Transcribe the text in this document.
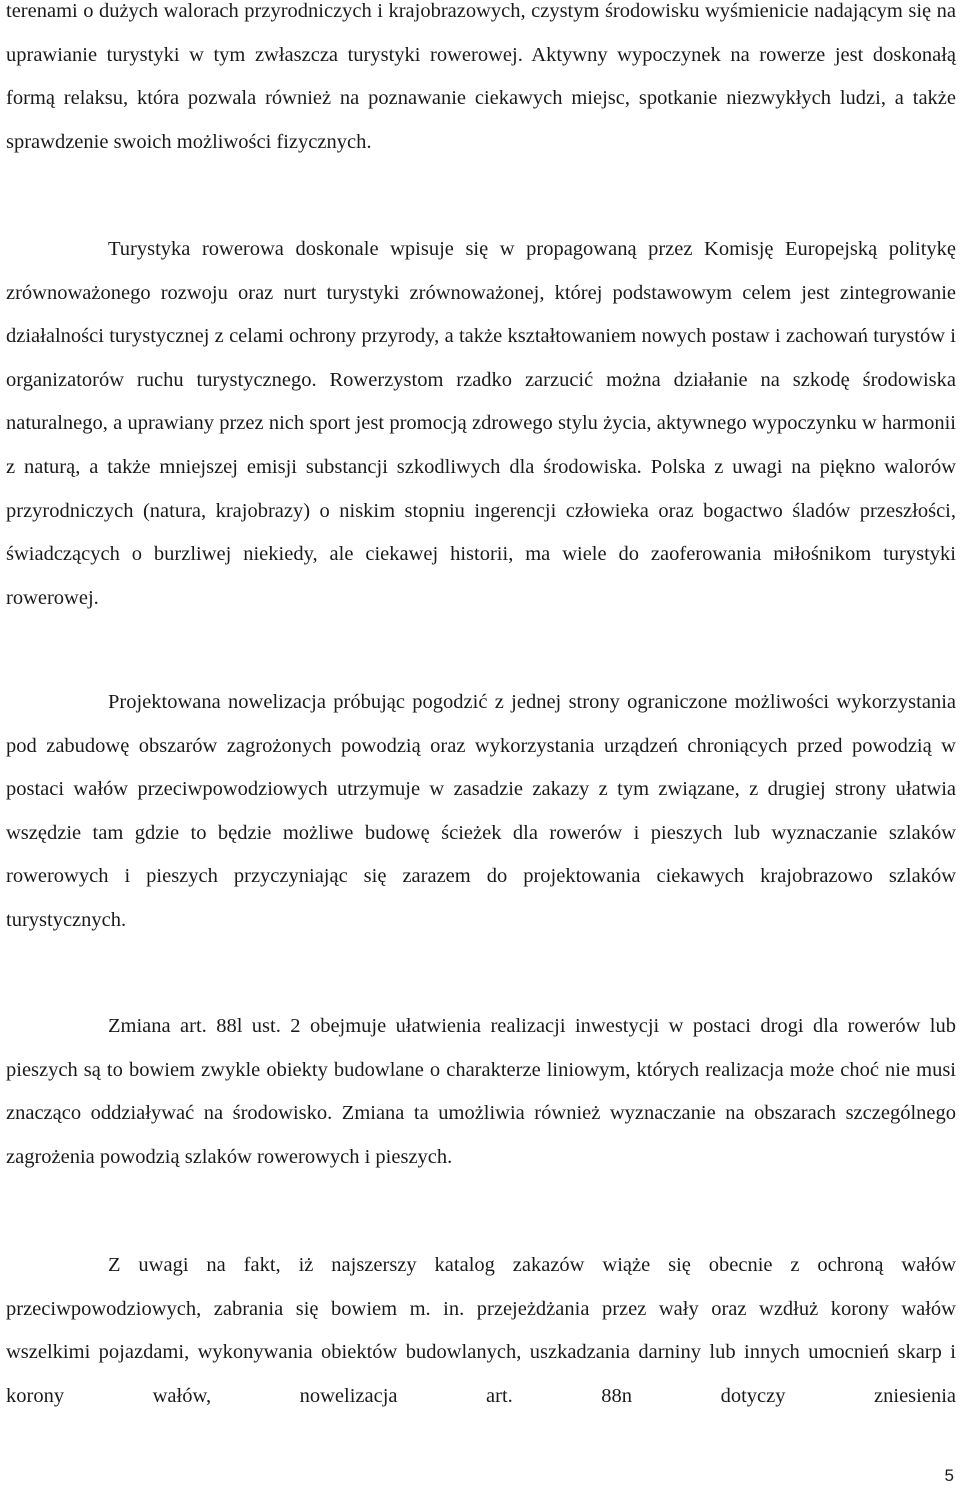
terenami o dużych walorach przyrodniczych i krajobrazowych, czystym środowisku wyśmienicie nadającym się na uprawianie turystyki w tym zwłaszcza turystyki rowerowej. Aktywny wypoczynek na rowerze jest doskonałą formą relaksu, która pozwala również na poznawanie ciekawych miejsc, spotkanie niezwykłych ludzi, a także sprawdzenie swoich możliwości fizycznych.

Turystyka rowerowa doskonale wpisuje się w propagowaną przez Komisję Europejską politykę zrównoważonego rozwoju oraz nurt turystyki zrównoważonej, której podstawowym celem jest zintegrowanie działalności turystycznej z celami ochrony przyrody, a także kształtowaniem nowych postaw i zachowań turystów i organizatorów ruchu turystycznego. Rowerzystom rzadko zarzucić można działanie na szkodę środowiska naturalnego, a uprawiany przez nich sport jest promocją zdrowego stylu życia, aktywnego wypoczynku w harmonii z naturą, a także mniejszej emisji substancji szkodliwych dla środowiska. Polska z uwagi na piękno walorów przyrodniczych (natura, krajobrazy) o niskim stopniu ingerencji człowieka oraz bogactwo śladów przeszłości, świadczących o burzliwej niekiedy, ale ciekawej historii, ma wiele do zaoferowania miłośnikom turystyki rowerowej.

Projektowana nowelizacja próbując pogodzić z jednej strony ograniczone możliwości wykorzystania pod zabudowę obszarów zagrożonych powodzią oraz wykorzystania urządzeń chroniących przed powodzią w postaci wałów przeciwpowodziowych utrzymuje w zasadzie zakazy z tym związane, z drugiej strony ułatwia wszędzie tam gdzie to będzie możliwe budowę ścieżek dla rowerów i pieszych lub wyznaczanie szlaków rowerowych i pieszych przyczyniając się zarazem do projektowania ciekawych krajobrazowo szlaków turystycznych.

Zmiana art. 88l ust. 2 obejmuje ułatwienia realizacji inwestycji w postaci drogi dla rowerów lub pieszych są to bowiem zwykle obiekty budowlane o charakterze liniowym, których realizacja może choć nie musi znacząco oddziaływać na środowisko. Zmiana ta umożliwia również wyznaczanie na obszarach szczególnego zagrożenia powodzią szlaków rowerowych i pieszych.

Z uwagi na fakt, iż najszerszy katalog zakazów wiąże się obecnie z ochroną wałów przeciwpowodziowych, zabrania się bowiem m. in. przejeżdżania przez wały oraz wzdłuż korony wałów wszelkimi pojazdami, wykonywania obiektów budowlanych, uszkadzania darniny lub innych umocnień skarp i korony wałów, nowelizacja art. 88n dotyczy zniesienia

5
